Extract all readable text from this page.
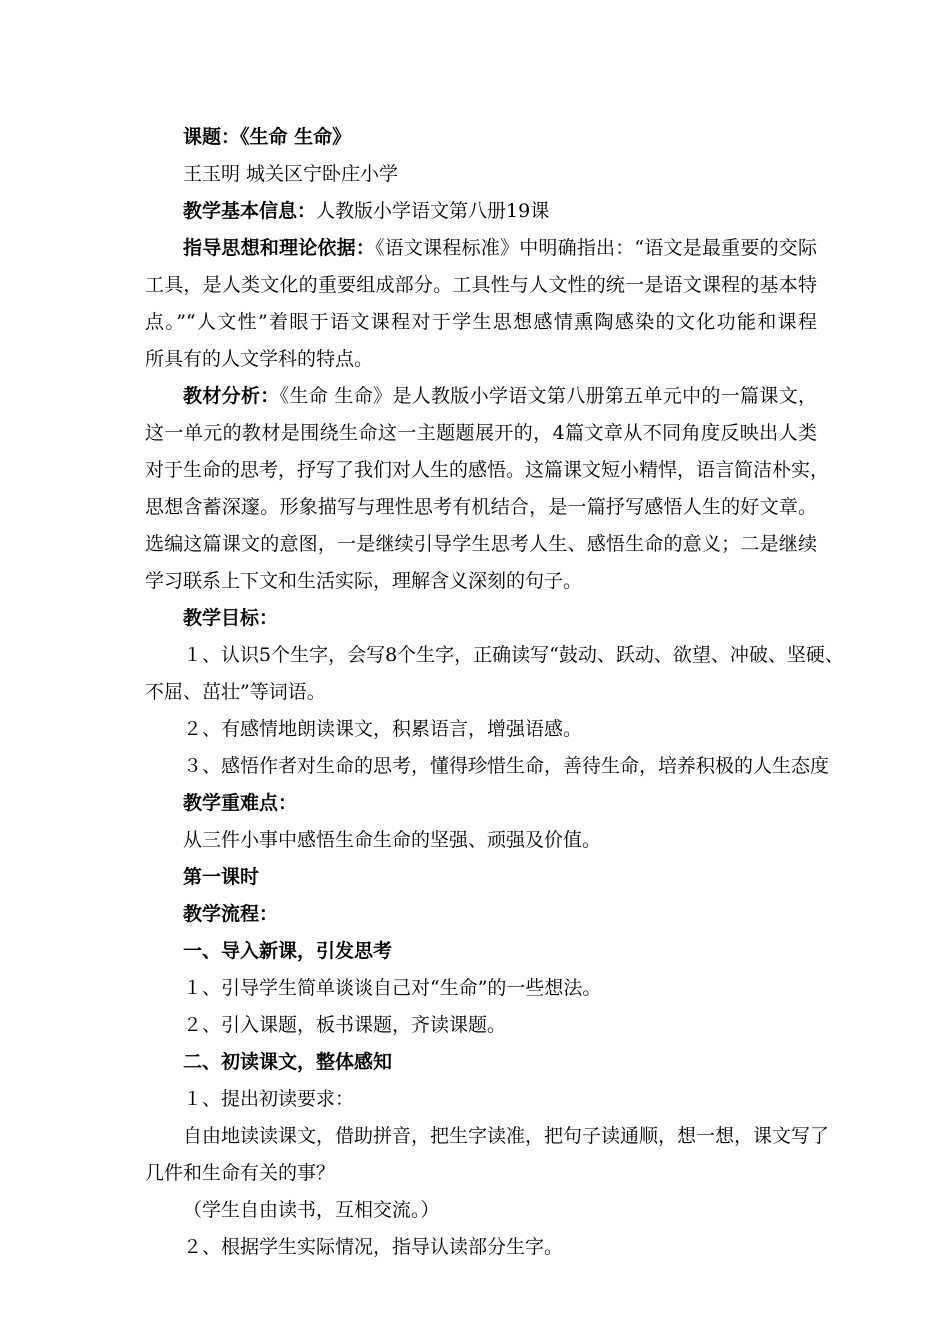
课题：《生命 生命》
王玉明 城关区宁卧庄小学
教学基本信息：人教版小学语文第八册19课
指导思想和理论依据：《语文课程标准》中明确指出：“语文是最重要的交际
工具，是人类文化的重要组成部分。工具性与人文性的统一是语文课程的基本特
点。”“人文性”着眼于语文课程对于学生思想感情熏陶感染的文化功能和课程
所具有的人文学科的特点。
教材分析：《生命 生命》是人教版小学语文第八册第五单元中的一篇课文，
这一单元的教材是围绕生命这一主题题展开的，4篇文章从不同角度反映出人类
对于生命的思考，抒写了我们对人生的感悟。这篇课文短小精悍，语言简洁朴实，
思想含蓄深邃。形象描写与理性思考有机结合，是一篇抒写感悟人生的好文章。
选编这篇课文的意图，一是继续引导学生思考人生、感悟生命的意义；二是继续
学习联系上下文和生活实际，理解含义深刻的句子。
教学目标：
１、认识5个生字，会写8个生字，正确读写“鼓动、跃动、欲望、冲破、坚硬、
不屈、茁壮”等词语。
２、有感情地朗读课文，积累语言，增强语感。
３、感悟作者对生命的思考，懂得珍惜生命，善待生命，培养积极的人生态度
教学重难点：
从三件小事中感悟生命生命的坚强、顽强及价值。
第一课时
教学流程：
一、导入新课，引发思考
１、引导学生简单谈谈自己对“生命”的一些想法。
２、引入课题，板书课题，齐读课题。
二、初读课文，整体感知
１、提出初读要求：
自由地读读课文，借助拼音，把生字读准，把句子读通顺，想一想，课文写了
几件和生命有关的事？
（学生自由读书，互相交流。）
２、根据学生实际情况，指导认读部分生字。
